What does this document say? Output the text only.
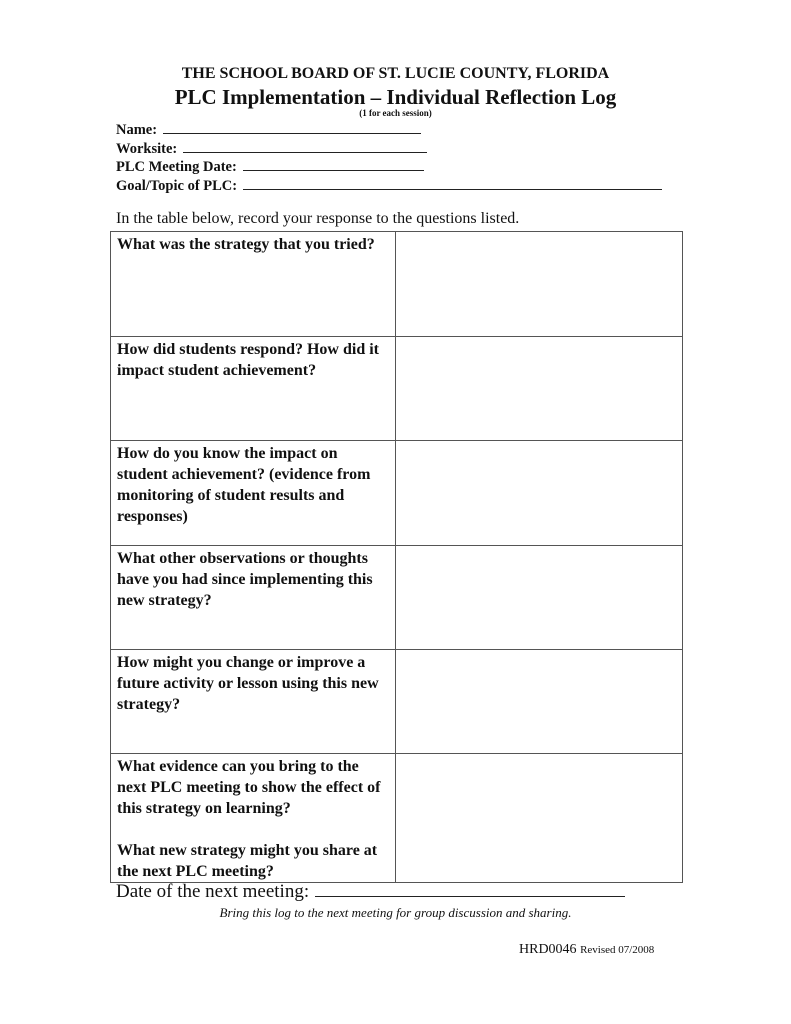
THE SCHOOL BOARD OF ST. LUCIE COUNTY, FLORIDA
PLC Implementation – Individual Reflection Log
(1 for each session)
Name:
Worksite:
PLC Meeting Date:
Goal/Topic of PLC:
In the table below, record your response to the questions listed.
What was the strategy that you tried?	

How did students respond? How did it impact student achievement?	

How do you know the impact on student achievement? (evidence from monitoring of student results and responses)	

What other observations or thoughts have you had since implementing this new strategy?	

How might you change or improve a future activity or lesson using this new strategy?	

What evidence can you bring to the next PLC meeting to show the effect of this strategy on learning?
What new strategy might you share at the next PLC meeting?	

Date of the next meeting:
Bring this log to the next meeting for group discussion and sharing.
HRD0046 Revised 07/2008
